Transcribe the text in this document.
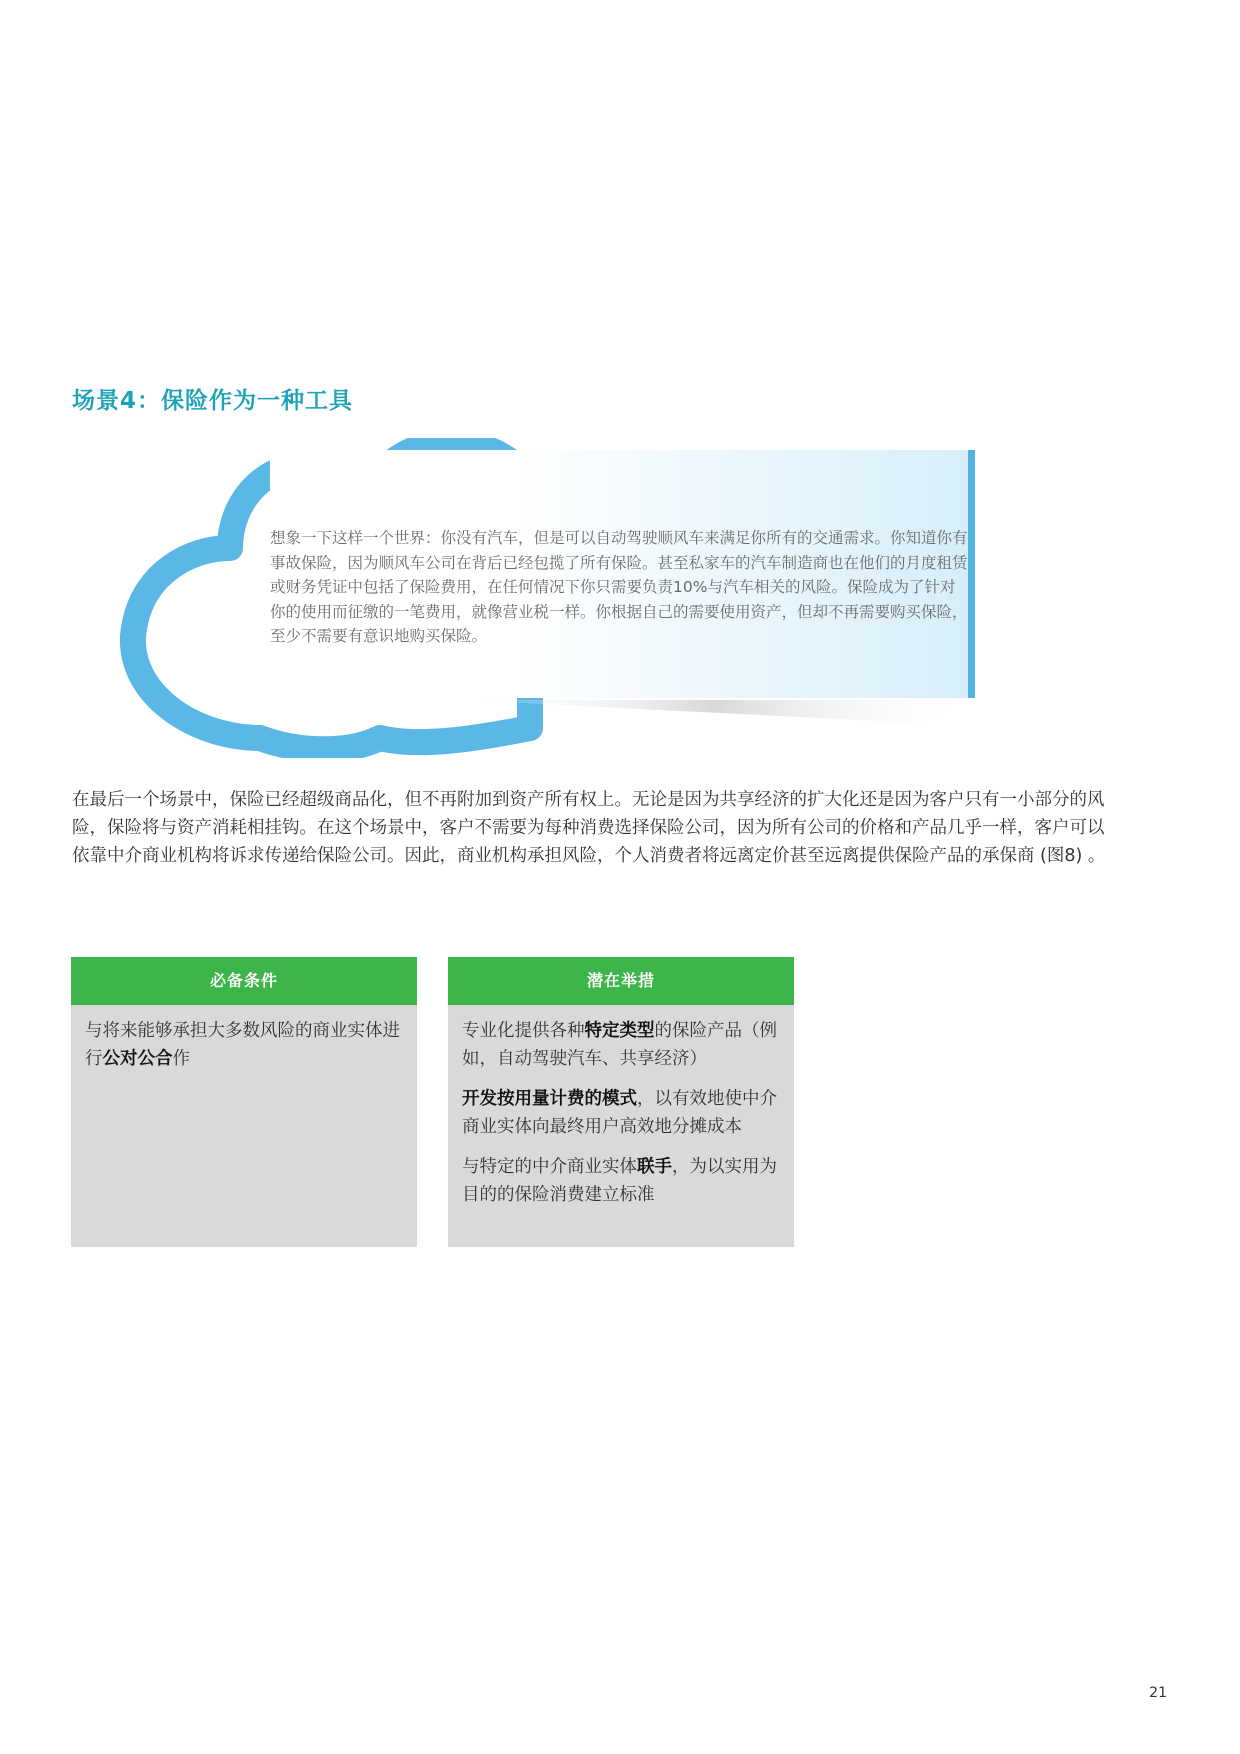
场景4：保险作为一种工具

想象一下这样一个世界：你没有汽车，但是可以自动驾驶顺风车来满足你所有的交通需求。你知道你有事故保险，因为顺风车公司在背后已经包揽了所有保险。甚至私家车的汽车制造商也在他们的月度租赁或财务凭证中包括了保险费用，在任何情况下你只需要负责10%与汽车相关的风险。保险成为了针对你的使用而征缴的一笔费用，就像营业税一样。你根据自己的需要使用资产，但却不再需要购买保险，至少不需要有意识地购买保险。

在最后一个场景中，保险已经超级商品化，但不再附加到资产所有权上。无论是因为共享经济的扩大化还是因为客户只有一小部分的风险，保险将与资产消耗相挂钩。在这个场景中，客户不需要为每种消费选择保险公司，因为所有公司的价格和产品几乎一样，客户可以依靠中介商业机构将诉求传递给保险公司。因此，商业机构承担风险，个人消费者将远离定价甚至远离提供保险产品的承保商 (图8) 。

必备条件

与将来能够承担大多数风险的商业实体进行公对公合作

潜在举措

专业化提供各种特定类型的保险产品（例如，自动驾驶汽车、共享经济）

开发按用量计费的模式，以有效地使中介商业实体向最终用户高效地分摊成本

与特定的中介商业实体联手，为以实用为目的的保险消费建立标准

21
